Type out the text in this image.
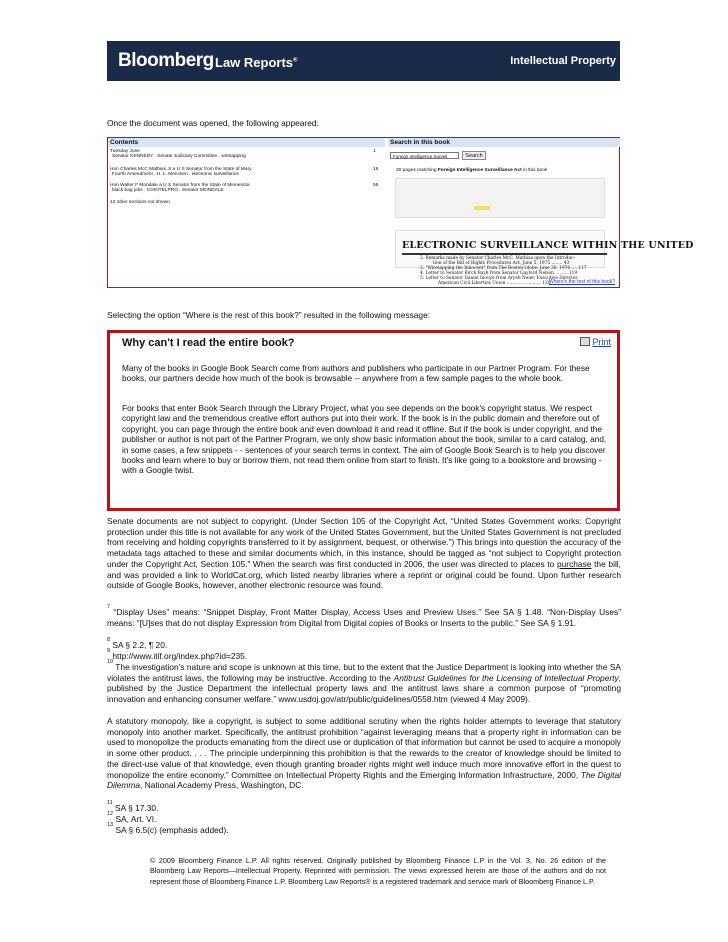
Bloomberg Law Reports®	Intellectual Property
Once the document was opened, the following appeared:
Contents	Search in this book
Tuesday June
Senator KENNEDY . Senate Judiciary Committee . wiretapping
1
Hon Charles McC Mathias Jr a U S Senator from the State of Mary
Fourth Amendment . H. L. Mencken . electronic surveillance
19
Hon Walter F Mondale a U S Senator from the State of Minnesota
black bag jobs . COINTELPRO . Senator MONDALE
55
12 other sections not shown
Foreign Intelligence Surveil	Search
30 pages matching Foreign Intelligence Surveillance Act in this book
ELECTRONIC SURVEILLANCE WITHIN THE UNITED
2. Remarks made by Senator Charles McC. Mathias upon the Introduc-
tion of the Bill of Rights Procedures Act, June 5, 1975 ........ 43
3. "Wiretapping the Innocent" from The Boston Globe, June 30, 1976 .... 117
4. Letter to Senator Birch Bayh from Senator Gaylord Nelson ......... 119
5. Letter to Senator Daniel Inouye from Aryeh Neier, Executive Director,
American Civil Liberties Union ......................... 120
Where's the rest of this book?
Selecting the option “Where is the rest of this book?” resulted in the following message:
Why can't I read the entire book?	Print
Many of the books in Google Book Search come from authors and publishers who participate in our Partner Program. For these books, our partners decide how much of the book is browsable -- anywhere from a few sample pages to the whole book.
For books that enter Book Search through the Library Project, what you see depends on the book's copyright status. We respect copyright law and the tremendous creative effort authors put into their work. If the book is in the public domain and therefore out of copyright, you can page through the entire book and even download it and read it offline. But if the book is under copyright, and the publisher or author is not part of the Partner Program, we only show basic information about the book, similar to a card catalog, and, in some cases, a few snippets - - sentences of your search terms in context. The aim of Google Book Search is to help you discover books and learn where to buy or borrow them, not read them online from start to finish. It's like going to a bookstore and browsing - with a Google twist.

Senate documents are not subject to copyright. (Under Section 105 of the Copyright Act, “United States Government works: Copyright protection under this title is not available for any work of the United States Government, but the United States Government is not precluded from receiving and holding copyrights transferred to it by assignment, bequest, or otherwise.”) This brings into question the accuracy of the metadata tags attached to these and similar documents which, in this instance, should be tagged as “not subject to Copyright protection under the Copyright Act, Section 105.” When the search was first conducted in 2006, the user was directed to places to purchase the bill, and was provided a link to WorldCat.org, which listed nearby libraries where a reprint or original could be found. Upon further research outside of Google Books, however, another electronic resource was found.

$^7$ “Display Uses” means: “Snippet Display, Front Matter Display, Access Uses and Preview Uses.” See SA § 1.48. “Non-Display Uses” means: “[U]ses that do not display Expression from Digital from Digital copies of Books or Inserts to the public.” See SA § 1.91.

$^8$ SA § 2.2, ¶ 20.

$^9$ http://www.itif.org/index.php?id=235.

$^{10}$ The investigation’s nature and scope is unknown at this time, but to the extent that the Justice Department is looking into whether the SA violates the antitrust laws, the following may be instructive. According to the Antitrust Guidelines for the Licensing of Intellectual Property, published by the Justice Department the intellectual property laws and the antitrust laws share a common purpose of “promoting innovation and enhancing consumer welfare.” www.usdoj.gov/atr/public/guidelines/0558.htm (viewed 4 May 2009).

A statutory monopoly, like a copyright, is subject to some additional scrutiny when the rights holder attempts to leverage that statutory monopoly into another market. Specifically, the antitrust prohibition “against leveraging means that a property right in information can be used to monopolize the products emanating from the direct use or duplication of that information but cannot be used to acquire a monopoly in some other product. . . . The principle underpinning this prohibition is that the rewards to the creator of knowledge should be limited to the direct-use value of that knowledge, even though granting broader rights might well induce much more innovative effort in the quest to monopolize the entire economy.” Committee on Intellectual Property Rights and the Emerging Information Infrastructure, 2000, The Digital Dilemma, National Academy Press, Washington, DC.

$^{11}$ SA § 17.30.

$^{12}$ SA, Art. VI.

$^{13}$ SA § 6.5(c) (emphasis added).

© 2009 Bloomberg Finance L.P. All rights reserved. Originally published by Bloomberg Finance L.P in the Vol. 3, No. 26 edition of the Bloomberg Law Reports—Intellectual Property. Reprinted with permission. The views expressed herein are those of the authors and do not represent those of Bloomberg Finance L.P. Bloomberg Law Reports® is a registered trademark and service mark of Bloomberg Finance L.P.
